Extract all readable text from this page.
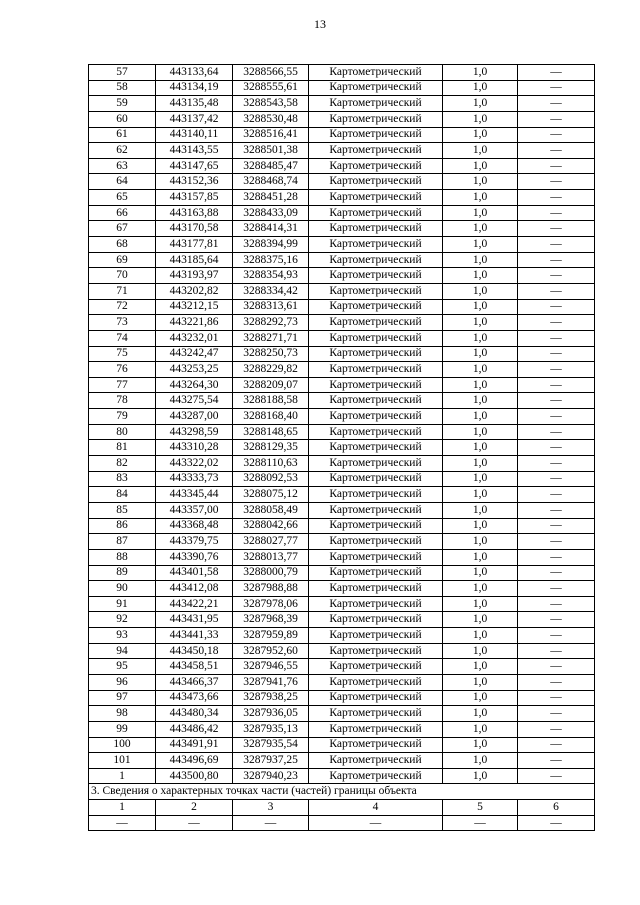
13
57	443133,64	3288566,55	Картометрический	1,0	—
58	443134,19	3288555,61	Картометрический	1,0	—
59	443135,48	3288543,58	Картометрический	1,0	—
60	443137,42	3288530,48	Картометрический	1,0	—
61	443140,11	3288516,41	Картометрический	1,0	—
62	443143,55	3288501,38	Картометрический	1,0	—
63	443147,65	3288485,47	Картометрический	1,0	—
64	443152,36	3288468,74	Картометрический	1,0	—
65	443157,85	3288451,28	Картометрический	1,0	—
66	443163,88	3288433,09	Картометрический	1,0	—
67	443170,58	3288414,31	Картометрический	1,0	—
68	443177,81	3288394,99	Картометрический	1,0	—
69	443185,64	3288375,16	Картометрический	1,0	—
70	443193,97	3288354,93	Картометрический	1,0	—
71	443202,82	3288334,42	Картометрический	1,0	—
72	443212,15	3288313,61	Картометрический	1,0	—
73	443221,86	3288292,73	Картометрический	1,0	—
74	443232,01	3288271,71	Картометрический	1,0	—
75	443242,47	3288250,73	Картометрический	1,0	—
76	443253,25	3288229,82	Картометрический	1,0	—
77	443264,30	3288209,07	Картометрический	1,0	—
78	443275,54	3288188,58	Картометрический	1,0	—
79	443287,00	3288168,40	Картометрический	1,0	—
80	443298,59	3288148,65	Картометрический	1,0	—
81	443310,28	3288129,35	Картометрический	1,0	—
82	443322,02	3288110,63	Картометрический	1,0	—
83	443333,73	3288092,53	Картометрический	1,0	—
84	443345,44	3288075,12	Картометрический	1,0	—
85	443357,00	3288058,49	Картометрический	1,0	—
86	443368,48	3288042,66	Картометрический	1,0	—
87	443379,75	3288027,77	Картометрический	1,0	—
88	443390,76	3288013,77	Картометрический	1,0	—
89	443401,58	3288000,79	Картометрический	1,0	—
90	443412,08	3287988,88	Картометрический	1,0	—
91	443422,21	3287978,06	Картометрический	1,0	—
92	443431,95	3287968,39	Картометрический	1,0	—
93	443441,33	3287959,89	Картометрический	1,0	—
94	443450,18	3287952,60	Картометрический	1,0	—
95	443458,51	3287946,55	Картометрический	1,0	—
96	443466,37	3287941,76	Картометрический	1,0	—
97	443473,66	3287938,25	Картометрический	1,0	—
98	443480,34	3287936,05	Картометрический	1,0	—
99	443486,42	3287935,13	Картометрический	1,0	—
100	443491,91	3287935,54	Картометрический	1,0	—
101	443496,69	3287937,25	Картометрический	1,0	—
1	443500,80	3287940,23	Картометрический	1,0	—
3. Сведения о характерных точках части (частей) границы объекта					
1	2	3	4	5	6
—	—	—	—	—	—
